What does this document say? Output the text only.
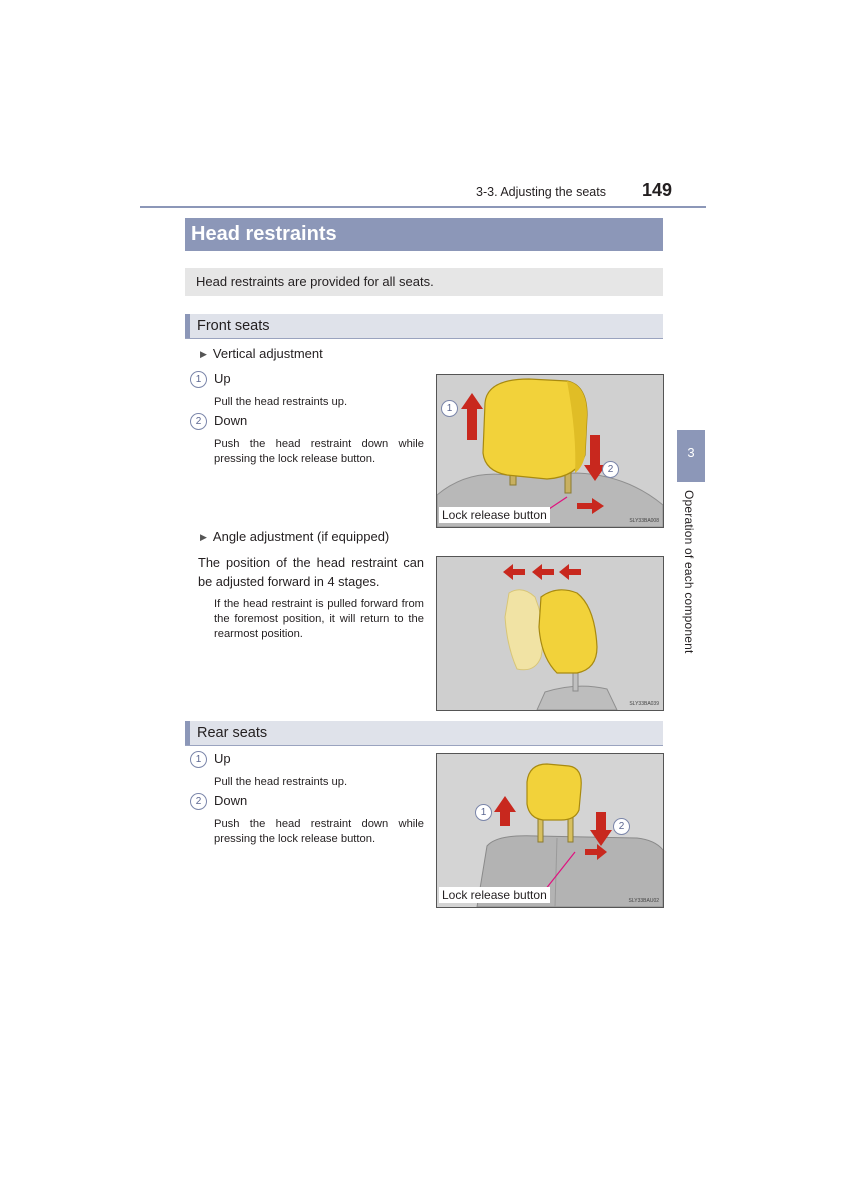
3-3. Adjusting the seats 149
Head restraints
Head restraints are provided for all seats.
Front seats
▶ Vertical adjustment
1 Up
Pull the head restraints up.
2 Down
Push the head restraint down while pressing the lock release button.
1
2
Lock release button	SLY33BA008
▶ Angle adjustment (if equipped)
The position of the head restraint can be adjusted forward in 4 stages.
If the head restraint is pulled forward from the foremost position, it will return to the rearmost position.
SLY33BA039
Rear seats
1 Up
Pull the head restraints up.
2 Down
Push the head restraint down while pressing the lock release button.
1
2
Lock release button	SLY33BAU02
3
Operation of each component
